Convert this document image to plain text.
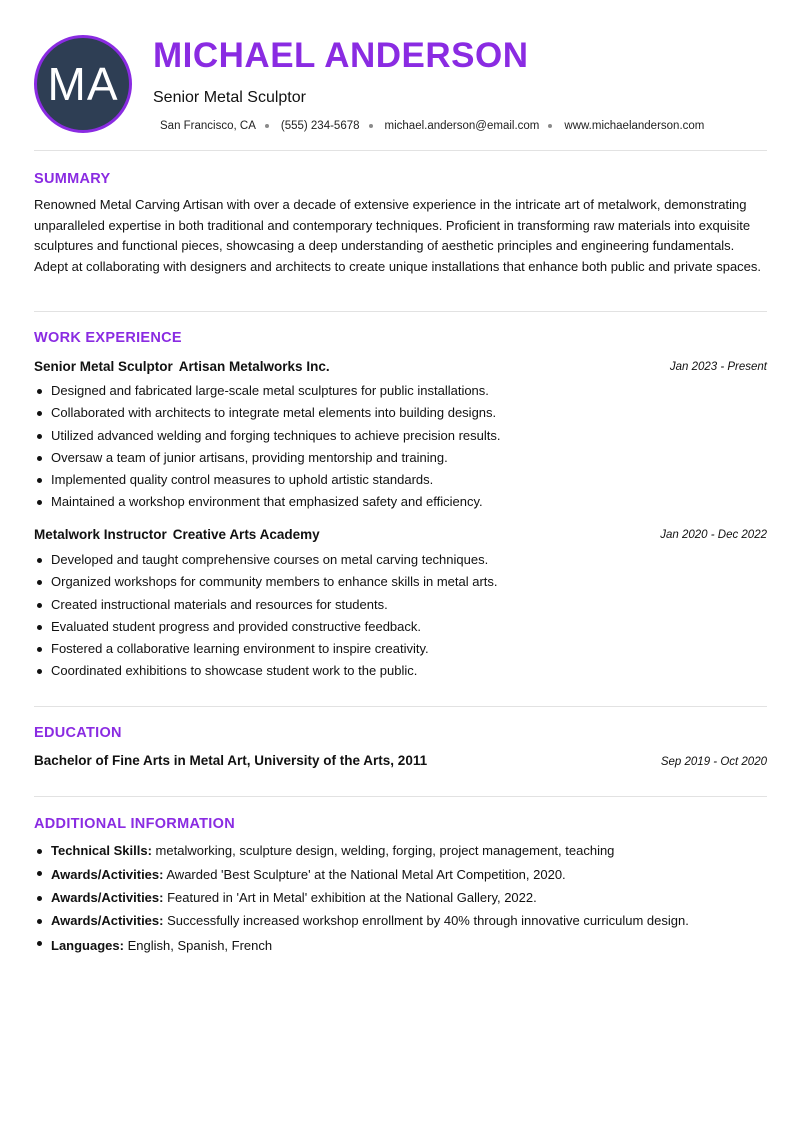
MA
MICHAEL ANDERSON
Senior Metal Sculptor
San Francisco, CA (555) 234-5678 michael.anderson@email.com www.michaelanderson.com
SUMMARY
Renowned Metal Carving Artisan with over a decade of extensive experience in the intricate art of metalwork, demonstrating unparalleled expertise in both traditional and contemporary techniques. Proficient in transforming raw materials into exquisite sculptures and functional pieces, showcasing a deep understanding of aesthetic principles and engineering fundamentals. Adept at collaborating with designers and architects to create unique installations that enhance both public and private spaces.
WORK EXPERIENCE
Senior Metal Sculptor Artisan Metalworks Inc.	Jan 2023 - Present
Designed and fabricated large-scale metal sculptures for public installations.
Collaborated with architects to integrate metal elements into building designs.
Utilized advanced welding and forging techniques to achieve precision results.
Oversaw a team of junior artisans, providing mentorship and training.
Implemented quality control measures to uphold artistic standards.
Maintained a workshop environment that emphasized safety and efficiency.
Metalwork Instructor Creative Arts Academy	Jan 2020 - Dec 2022
Developed and taught comprehensive courses on metal carving techniques.
Organized workshops for community members to enhance skills in metal arts.
Created instructional materials and resources for students.
Evaluated student progress and provided constructive feedback.
Fostered a collaborative learning environment to inspire creativity.
Coordinated exhibitions to showcase student work to the public.
EDUCATION
Bachelor of Fine Arts in Metal Art, University of the Arts, 2011	Sep 2019 - Oct 2020
ADDITIONAL INFORMATION
Technical Skills: metalworking, sculpture design, welding, forging, project management, teaching
Awards/Activities: Awarded 'Best Sculpture' at the National Metal Art Competition, 2020.
Awards/Activities: Featured in 'Art in Metal' exhibition at the National Gallery, 2022.
Awards/Activities: Successfully increased workshop enrollment by 40% through innovative curriculum design.
Languages: English, Spanish, French
